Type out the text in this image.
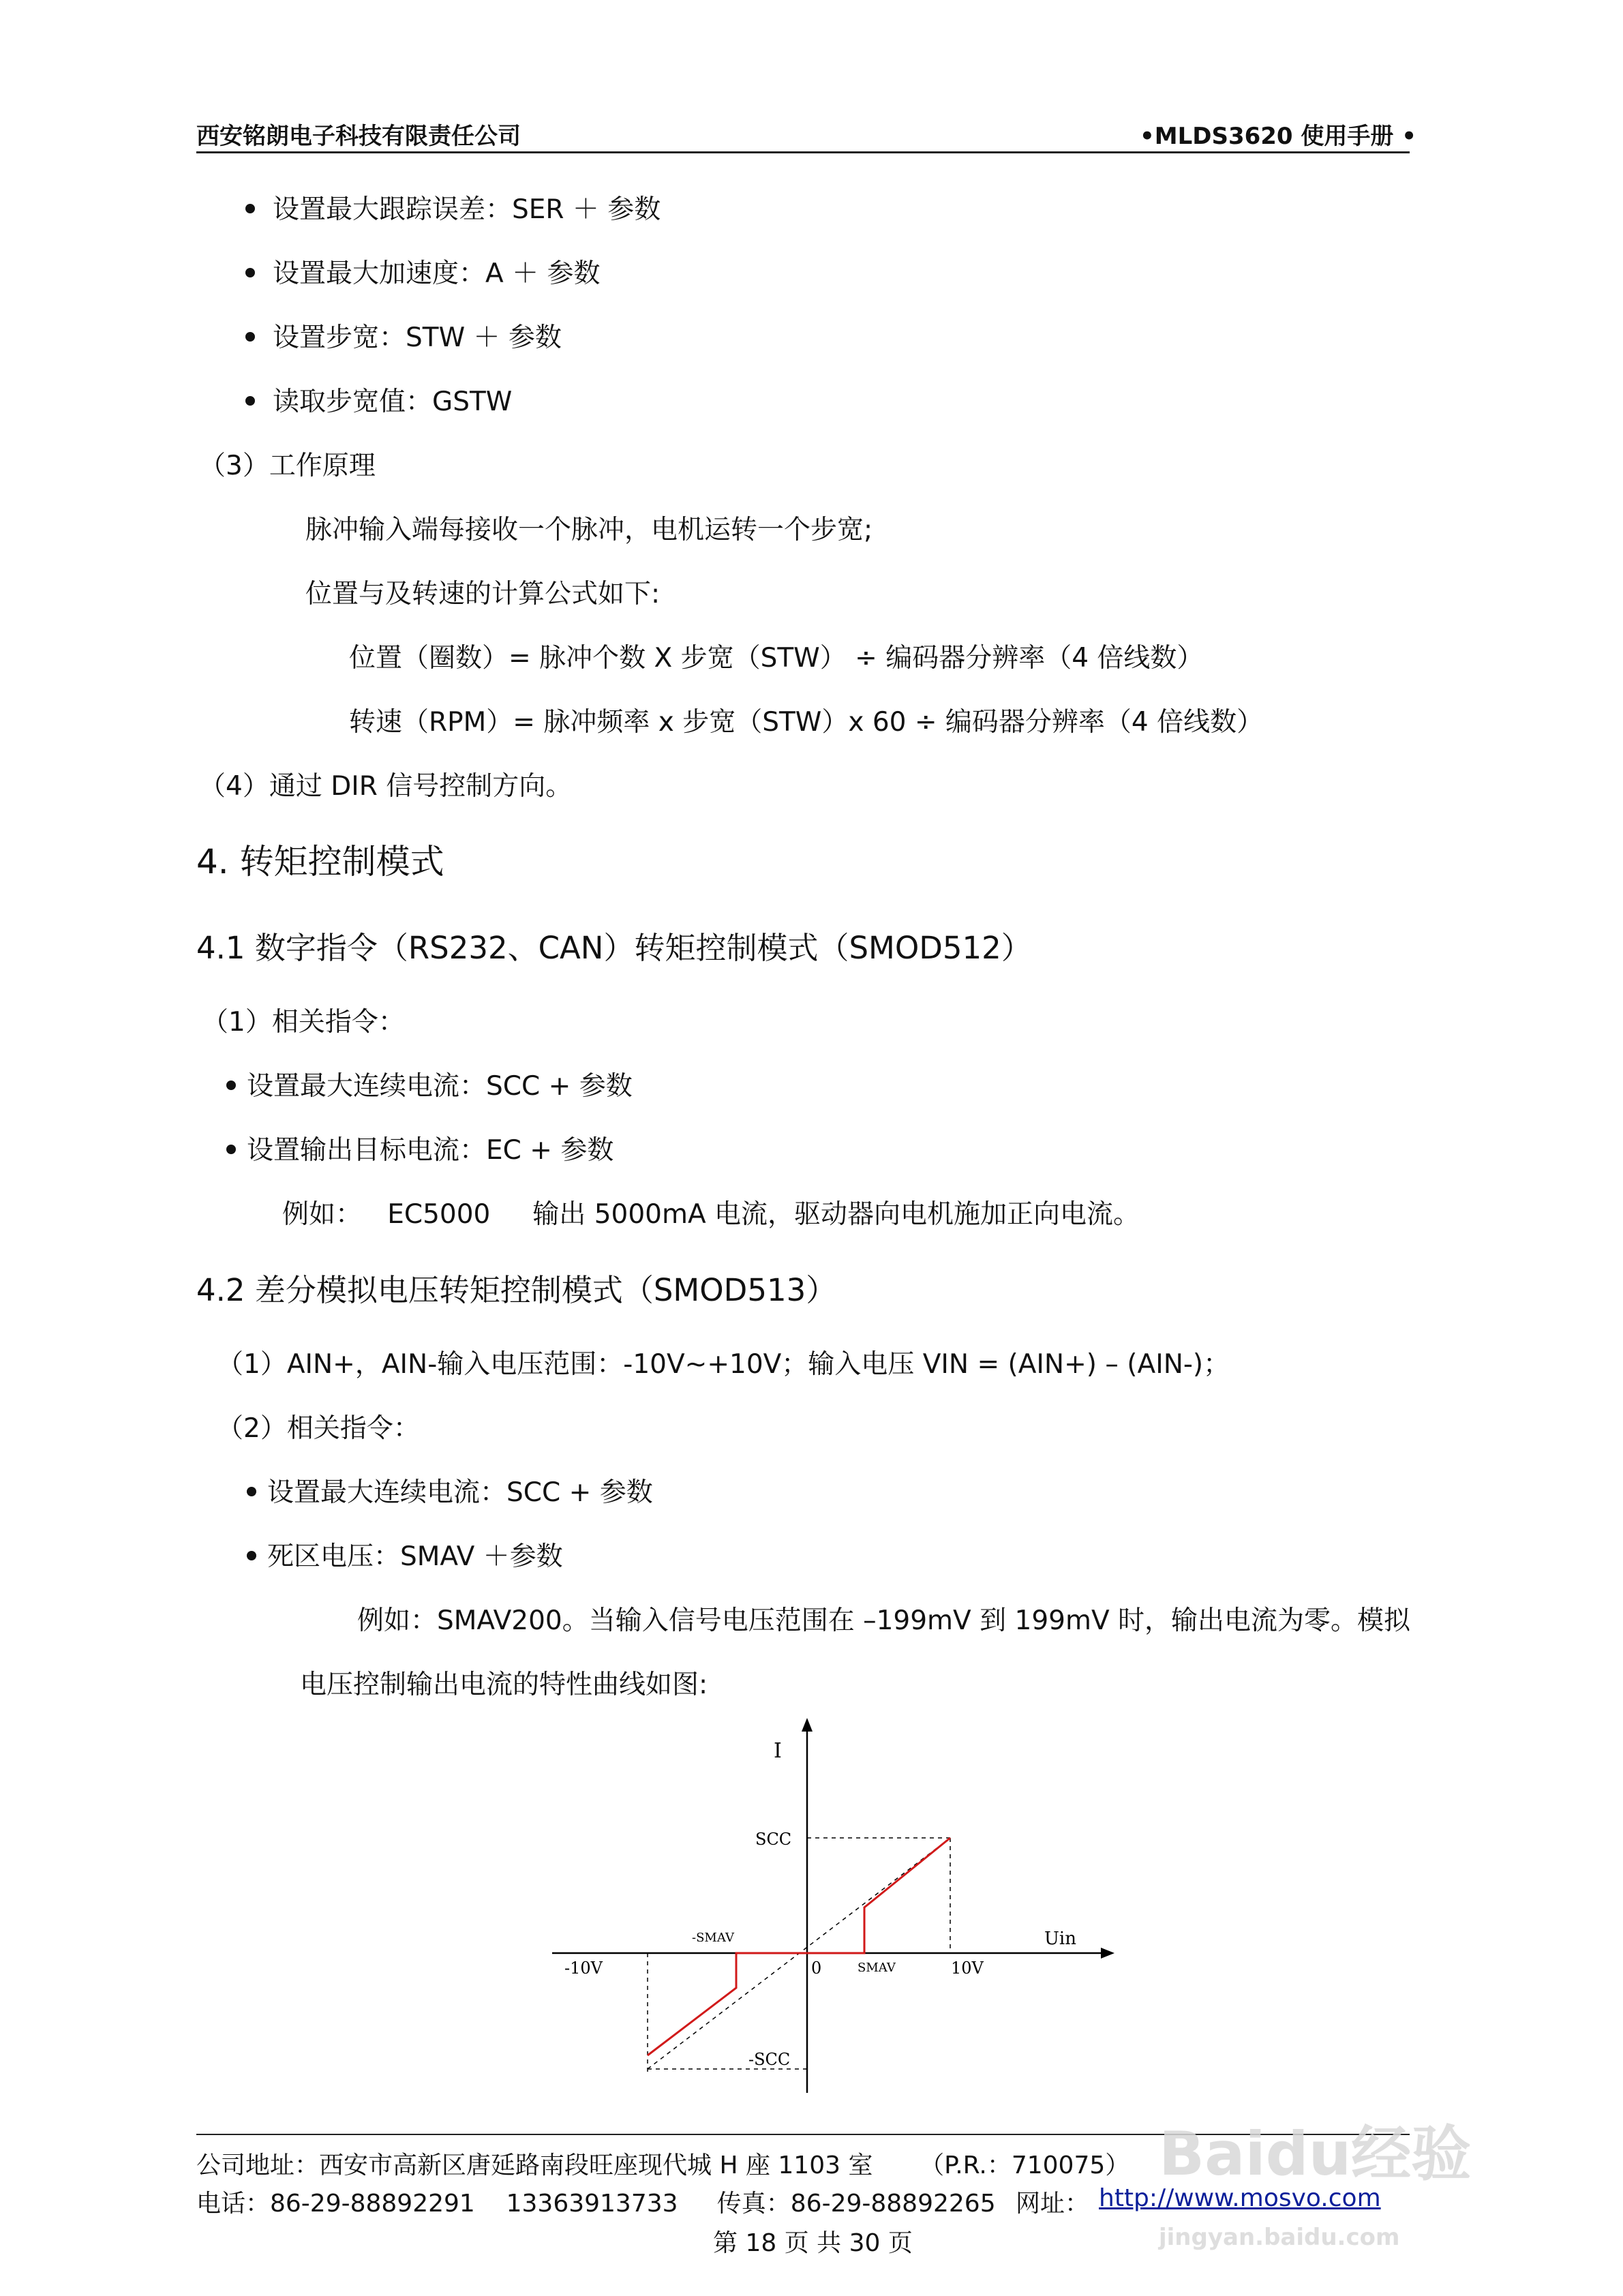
西安铭朗电子科技有限责任公司	•MLDS3620 使用手册 •
设置最大跟踪误差：SER ＋ 参数
设置最大加速度：A ＋ 参数
设置步宽：STW ＋ 参数
读取步宽值：GSTW
（3）工作原理
脉冲输入端每接收一个脉冲，电机运转一个步宽;
位置与及转速的计算公式如下:
位置（圈数）= 脉冲个数 X 步宽（STW） ÷ 编码器分辨率（4 倍线数）
转速（RPM）= 脉冲频率 x 步宽（STW）x 60 ÷ 编码器分辨率（4 倍线数）
（4）通过 DIR 信号控制方向。
4. 转矩控制模式
4.1 数字指令（RS232、CAN）转矩控制模式（SMOD512）
（1）相关指令：
设置最大连续电流：SCC + 参数
设置输出目标电流：EC + 参数
例如：   EC5000     输出 5000mA 电流，驱动器向电机施加正向电流。
4.2 差分模拟电压转矩控制模式（SMOD513）
（1）AIN+，AIN-输入电压范围：-10V~+10V；输入电压 VIN = (AIN+) – (AIN-)；
（2）相关指令：
设置最大连续电流：SCC + 参数
死区电压：SMAV ＋参数
例如：SMAV200。当输入信号电压范围在 –199mV 到 199mV 时，输出电流为零。模拟
电压控制输出电流的特性曲线如图:
I
Uin
SCC
-SCC
-SMAV
SMAV
0	10V
-10V
公司地址：西安市高新区唐延路南段旺座现代城 H 座 1103 室      （P.R.：710075）
电话：86-29-88892291    13363913733     传真：86-29-88892265 网址： http://www.mosvo.com
第 18 页 共 30 页
Baidu经验
jingyan.baidu.com
